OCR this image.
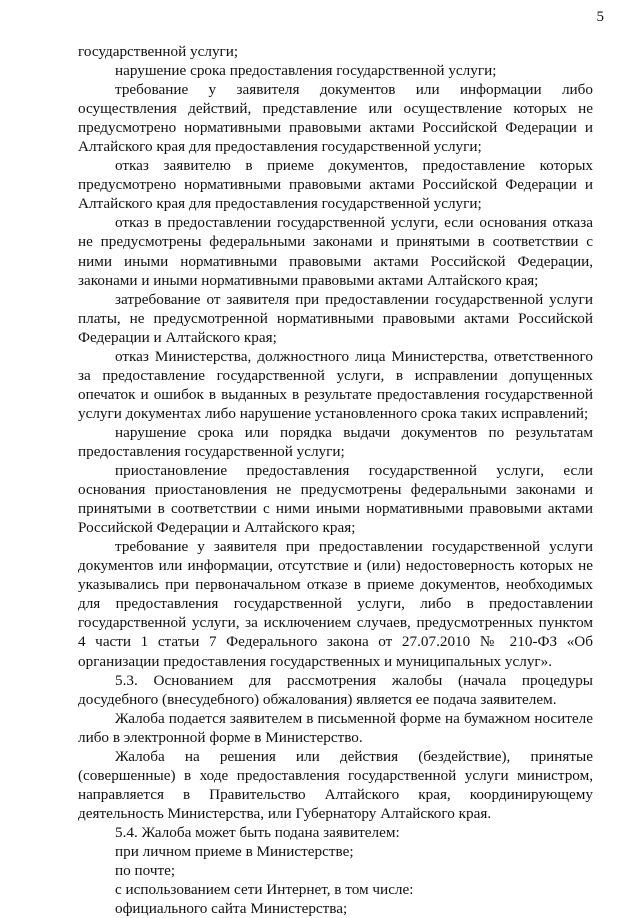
5

государственной услуги;

нарушение срока предоставления государственной услуги;

требование у заявителя документов или информации либо осуществления действий, представление или осуществление которых не предусмотрено нормативными правовыми актами Российской Федерации и Алтайского края для предоставления государственной услуги;

отказ заявителю в приеме документов, предоставление которых предусмотрено нормативными правовыми актами Российской Федерации и Алтайского края для предоставления государственной услуги;

отказ в предоставлении государственной услуги, если основания отказа не предусмотрены федеральными законами и принятыми в соответствии с ними иными нормативными правовыми актами Российской Федерации, законами и иными нормативными правовыми актами Алтайского края;

затребование от заявителя при предоставлении государственной услуги платы, не предусмотренной нормативными правовыми актами Российской Федерации и Алтайского края;

отказ Министерства, должностного лица Министерства, ответственного за предоставление государственной услуги, в исправлении допущенных опечаток и ошибок в выданных в результате предоставления государственной услуги документах либо нарушение установленного срока таких исправлений;

нарушение срока или порядка выдачи документов по результатам предоставления государственной услуги;

приостановление предоставления государственной услуги, если основания приостановления не предусмотрены федеральными законами и принятыми в соответствии с ними иными нормативными правовыми актами Российской Федерации и Алтайского края;

требование у заявителя при предоставлении государственной услуги документов или информации, отсутствие и (или) недостоверность которых не указывались при первоначальном отказе в приеме документов, необходимых для предоставления государственной услуги, либо в предоставлении государственной услуги, за исключением случаев, предусмотренных пунктом 4 части 1 статьи 7 Федерального закона от 27.07.2010 № 210-ФЗ «Об организации предоставления государственных и муниципальных услуг».

5.3. Основанием для рассмотрения жалобы (начала процедуры досудебного (внесудебного) обжалования) является ее подача заявителем.

Жалоба подается заявителем в письменной форме на бумажном носителе либо в электронной форме в Министерство.

Жалоба на решения или действия (бездействие), принятые (совершенные) в ходе предоставления государственной услуги министром, направляется в Правительство Алтайского края, координирующему деятельность Министерства, или Губернатору Алтайского края.

5.4. Жалоба может быть подана заявителем:

при личном приеме в Министерстве;

по почте;

с использованием сети Интернет, в том числе:

официального сайта Министерства;
